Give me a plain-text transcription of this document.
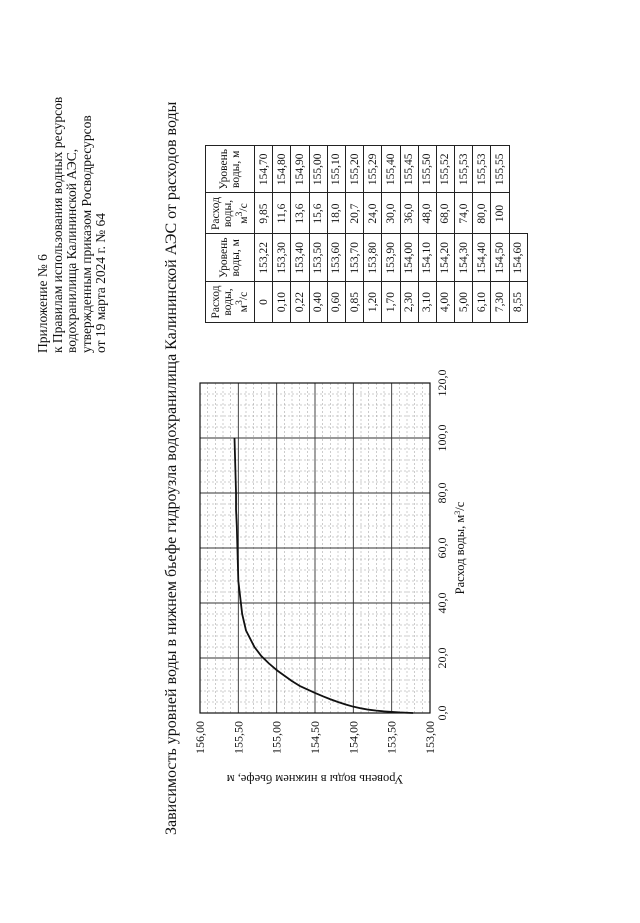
Приложение № 6 к Правилам использования водных ресурсов водохранилища Калининской АЭС, утвержденным приказом Росводресурсов от 19 марта 2024 г. № 64	Зависимость уровней воды в нижнем бьефе гидроузла водохранилища Калининской АЭС от расходов воды	0,0
20,0
40,0
60,0
80,0
100,0
120,0
153,00
153,50
154,00
154,50
155,00
155,50
156,00
Расход воды, $м^3/с$
Уровень воды в нижнем бьефе, м
Расход
воды, $м^3/с$	Уровень
воды, м	Расход
воды, $м^3/с$	Уровень
воды, м
0	153,22	9,85	154,70
0,10	153,30	11,6	154,80
0,22	153,40	13,6	154,90
0,40	153,50	15,6	155,00
0,60	153,60	18,0	155,10
0,85	153,70	20,7	155,20
1,20	153,80	24,0	155,29
1,70	153,90	30,0	155,40
2,30	154,00	36,0	155,45
3,10	154,10	48,0	155,50
4,00	154,20	68,0	155,52
5,00	154,30	74,0	155,53
6,10	154,40	80,0	155,53
7,30	154,50	100	155,55
8,55	154,60		
